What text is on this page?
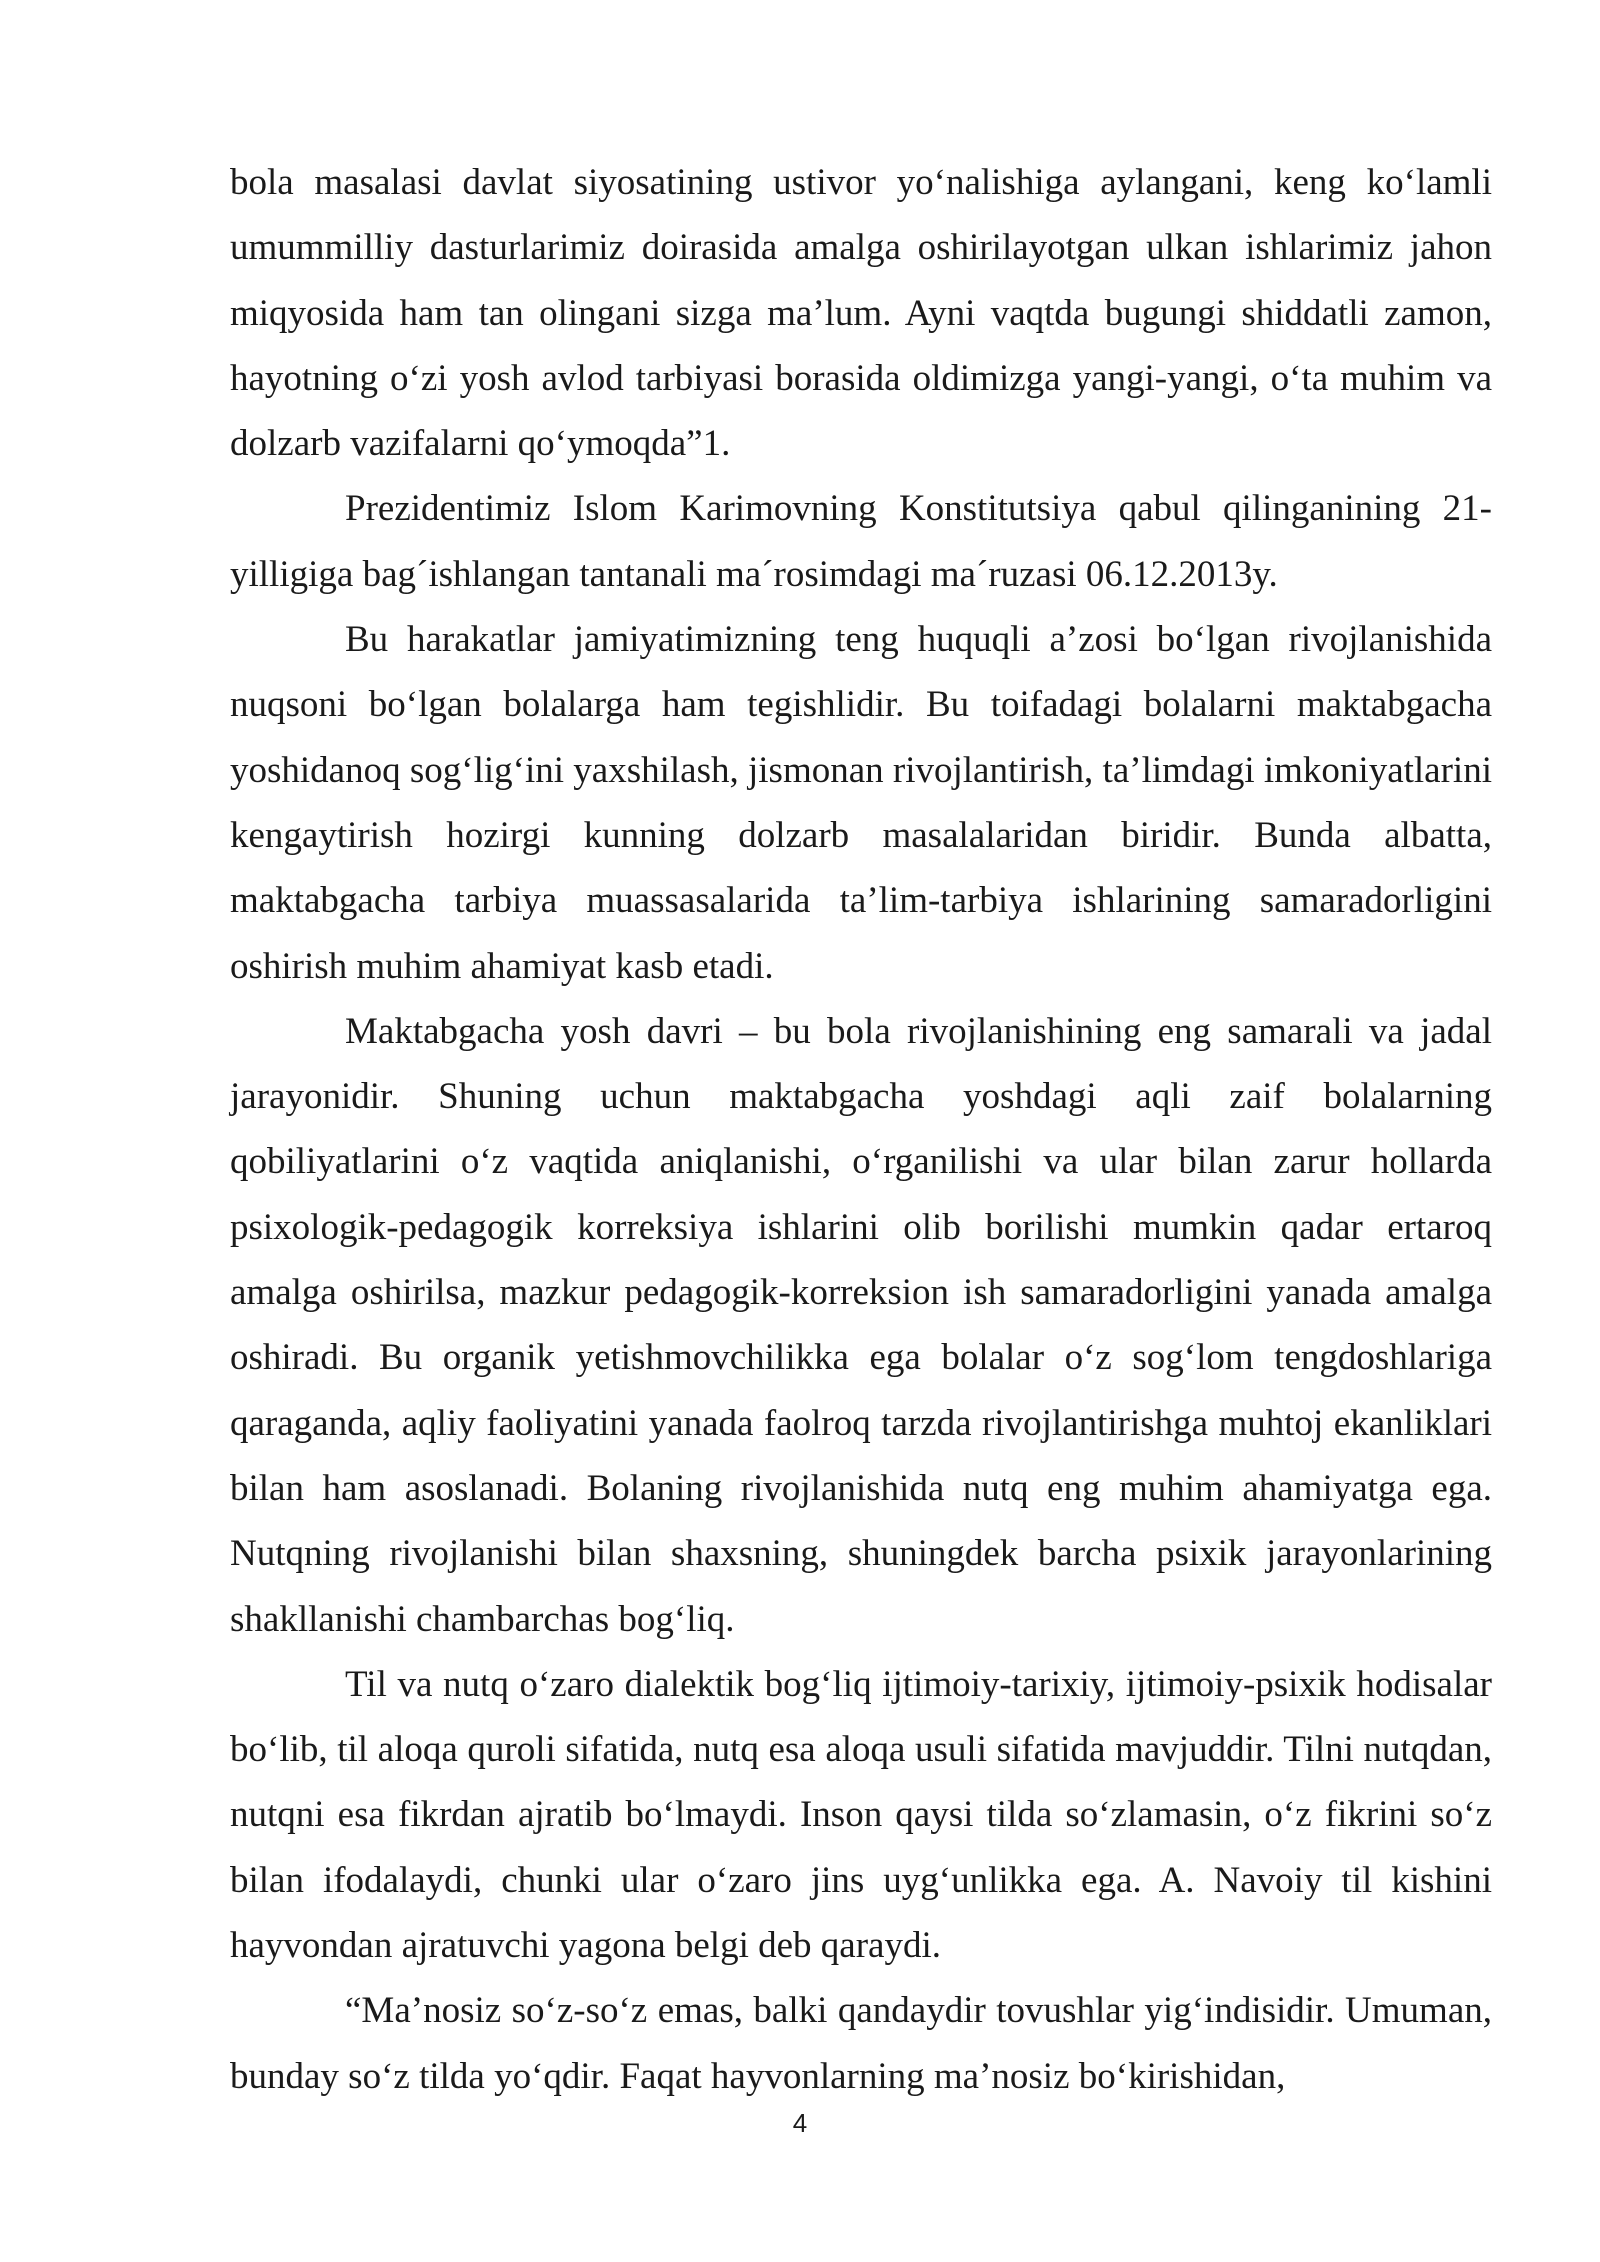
bola masalasi davlat siyosatining ustivor yo‘nalishiga aylangani, keng ko‘lamli umummilliy dasturlarimiz doirasida amalga oshirilayotgan ulkan ishlarimiz jahon miqyosida ham tan olingani sizga ma’lum. Ayni vaqtda bugungi shiddatli zamon, hayotning o‘zi yosh avlod tarbiyasi borasida oldimizga yangi-yangi, o‘ta muhim va dolzarb vazifalarni qo‘ymoqda”1.

Prezidentimiz Islom Karimovning Konstitutsiya qabul qilinganining 21-yilligiga bag´ishlangan tantanali ma´rosimdagi ma´ruzasi 06.12.2013y.

Bu harakatlar jamiyatimizning teng huquqli a’zosi bo‘lgan rivojlanishida nuqsoni bo‘lgan bolalarga ham tegishlidir. Bu toifadagi bolalarni maktabgacha yoshidanoq sog‘lig‘ini yaxshilash, jismonan rivojlantirish, ta’limdagi imkoniyatlarini kengaytirish hozirgi kunning dolzarb masalalaridan biridir. Bunda albatta, maktabgacha tarbiya muassasalarida ta’lim-tarbiya ishlarining samaradorligini oshirish muhim ahamiyat kasb etadi.

Maktabgacha yosh davri – bu bola rivojlanishining eng samarali va jadal jarayonidir. Shuning uchun maktabgacha yoshdagi aqli zaif bolalarning qobiliyatlarini o‘z vaqtida aniqlanishi, o‘rganilishi va ular bilan zarur hollarda psixologik-pedagogik korreksiya ishlarini olib borilishi mumkin qadar ertaroq amalga oshirilsa, mazkur pedagogik-korreksion ish samaradorligini yanada amalga oshiradi. Bu organik yetishmovchilikka ega bolalar o‘z sog‘lom tengdoshlariga qaraganda, aqliy faoliyatini yanada faolroq tarzda rivojlantirishga muhtoj ekanliklari bilan ham asoslanadi. Bolaning rivojlanishida nutq eng muhim ahamiyatga ega. Nutqning rivojlanishi bilan shaxsning, shuningdek barcha psixik jarayonlarining shakllanishi chambarchas bog‘liq.

Til va nutq o‘zaro dialektik bog‘liq ijtimoiy-tarixiy, ijtimoiy-psixik hodisalar bo‘lib, til aloqa quroli sifatida, nutq esa aloqa usuli sifatida mavjuddir. Tilni nutqdan, nutqni esa fikrdan ajratib bo‘lmaydi. Inson qaysi tilda so‘zlamasin, o‘z fikrini so‘z bilan ifodalaydi, chunki ular o‘zaro jins uyg‘unlikka ega. A. Navoiy til kishini hayvondan ajratuvchi yagona belgi deb qaraydi.

“Ma’nosiz so‘z-so‘z emas, balki qandaydir tovushlar yig‘indisidir. Umuman, bunday so‘z tilda yo‘qdir. Faqat hayvonlarning ma’nosiz bo‘kirishidan,

4
